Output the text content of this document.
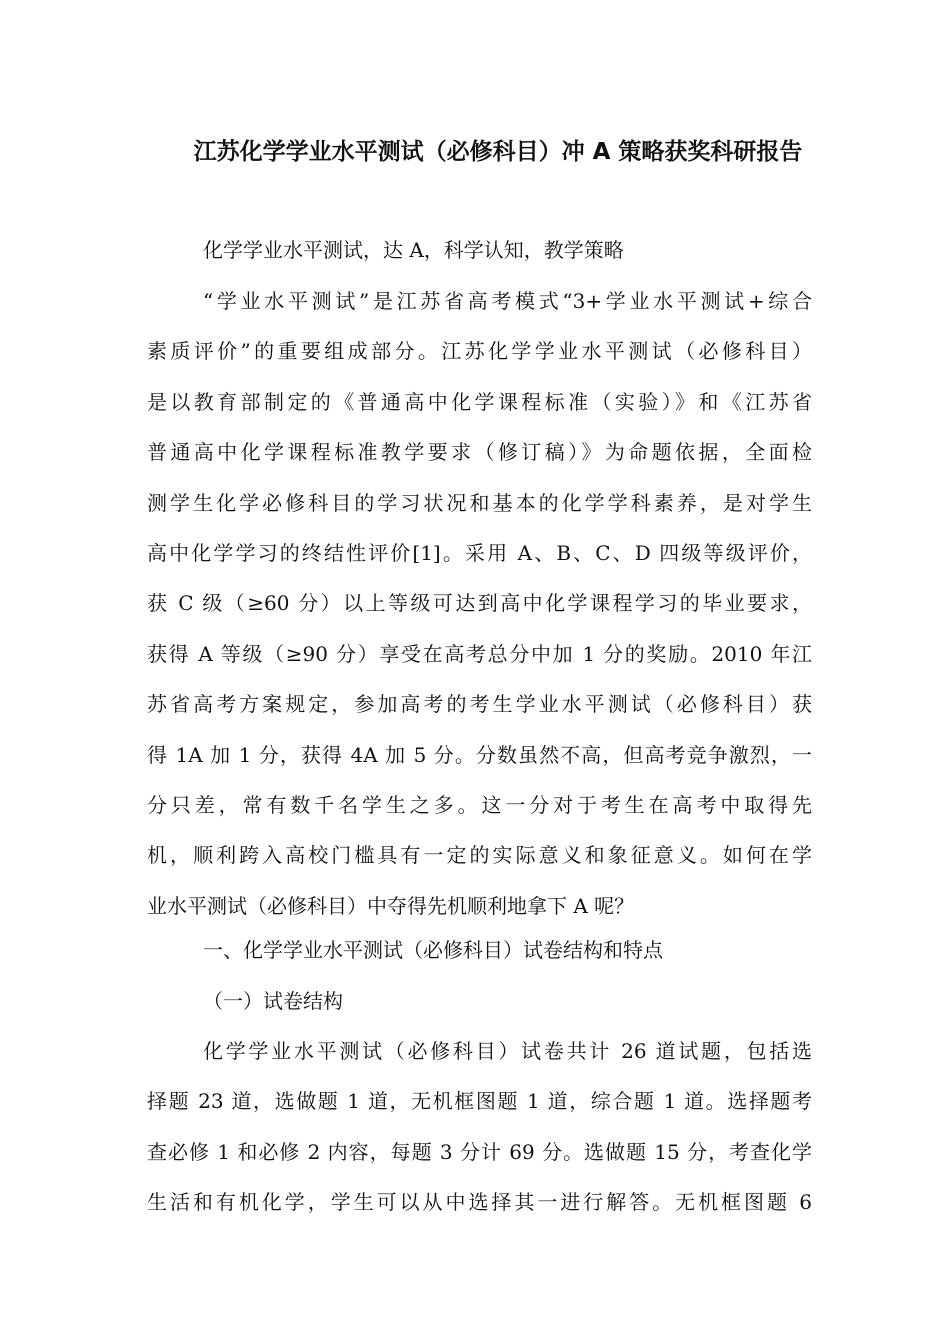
江苏化学学业水平测试（必修科目）冲 A 策略获奖科研报告

化学学业水平测试，达 A，科学认知，教学策略

“学业水平测试”是江苏省高考模式“3+学业水平测试+综合
素质评价”的重要组成部分。江苏化学学业水平测试（必修科目）
是以教育部制定的《普通高中化学课程标准（实验）》和《江苏省
普通高中化学课程标准教学要求（修订稿）》为命题依据，全面检
测学生化学必修科目的学习状况和基本的化学学科素养，是对学生
高中化学学习的终结性评价[1]。采用 A、B、C、D 四级等级评价，
获 C 级（≥60 分）以上等级可达到高中化学课程学习的毕业要求，
获得 A 等级（≥90 分）享受在高考总分中加 1 分的奖励。2010 年江
苏省高考方案规定，参加高考的考生学业水平测试（必修科目）获
得 1A 加 1 分，获得 4A 加 5 分。分数虽然不高，但高考竞争激烈，一
分只差，常有数千名学生之多。这一分对于考生在高考中取得先
机，顺利跨入高校门槛具有一定的实际意义和象征意义。如何在学
业水平测试（必修科目）中夺得先机顺利地拿下 A 呢？

一、化学学业水平测试（必修科目）试卷结构和特点

（一）试卷结构

化学学业水平测试（必修科目）试卷共计 26 道试题，包括选
择题 23 道，选做题 1 道，无机框图题 1 道，综合题 1 道。选择题考
查必修 1 和必修 2 内容，每题 3 分计 69 分。选做题 15 分，考查化学
生活和有机化学，学生可以从中选择其一进行解答。无机框图题 6
